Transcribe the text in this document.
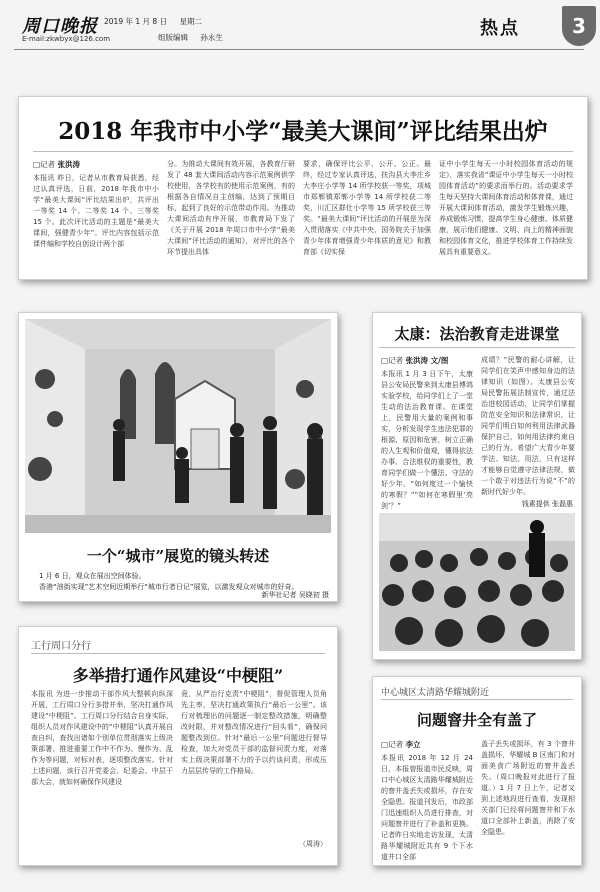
周口晚报
E-mail:zkwbyx@126.com
2019 年 1 月 8 日 星期二
组版编辑 孙永生	热点	3
2018 年我市中小学“最美大课间”评比结果出炉
□记者 张洪涛
本报讯 昨日，记者从市教育局获悉，经过认真评选，日前，2018 年我市中小学“最美大课间”评比结果出炉，共评出一等奖 14 个、二等奖 14 个、三等奖 15 个。此次评比活动的主题是“最美大课间，强健青少年”。评比内容包括示范课件编和学校自创设计两个部
分。为推动大课间有效开展，各教育厅研发了 48 套大课间活动内容示范案例供学校使用，各学校有的使用示范案例，有的根据各自情况自主创编，达到了预期目标，起到了良好的示范带动作用。为推动大课间活动有序开展，市教育局下发了《关于开展 2018 年周口市中小学“最美大课间”评比活动的通知》，对评比的各个环节提出具体
要求，确保评比公平、公开、公正。最终，经过专家认真评选，扶沟县大李庄乡大李庄小学等 14 所学校获一等奖，项城市郑郸镇郑郸小学等 14 所学校获二等奖，川汇区群仕小学等 15 所学校获三等奖。“最美大课间”评比活动的开展是为深入贯彻落实《中共中央、国务院关于加强青少年体育增强青少年体质的意见》和教育部《切实保
证中小学生每天一小时校园体育活动的规定》，落实我省“课证中小学生每天一小时校园体育活动”的要求而举行的。活动要求学生每天坚持大课间体育活动和体育课，通过开展大课间体育活动，激发学生锻炼兴趣，养成锻炼习惯，提高学生身心健康、体质健康，展示他们健康、文明、向上的精神面貌和校园体育文化，推进学校体育工作持续发展具有重要意义。
一个“城市”展览的镜头转述
1 月 6 日，观众在展出空间体验。
香港“油街实现”艺术空间近期举行“城市行者日记”展览，以激发观众对城市的好奇。
新华社记者 吴晓初 摄
太康：法治教育走进课堂
□记者 张洪涛 文/图
本报讯 1 月 3 日下午，太康县公安局民警来到太康县博鸿实验学校，给同学们上了一堂生动的法治教育课。在课堂上，民警用大量的案例和事实，分析发现学生违法犯罪的根源、原因和危害，树立正确的人生观和价值观，懂得依法办事、合法维权的重要性，教育同学们做一个懂法、守法的好少年。“如何度过一个愉快的寒假？”“如何在寒假里‘亮剑’？”
成绩？”民警的耐心讲解，让同学们在笑声中感知身边的法律知识（如图）。太康县公安局民警拓展法制宣传，通过法治进校园活动，让同学们掌握防范安全知识和法律常识，让同学们明白如何利用法律武器保护自己，如何用法律约束自己的行为。希望广大青少年要学法、知法、用法，只有这样才能够自觉遵守法律法规，做一个敢于对违法行为说“不”的新时代好少年。
钱素提供 张磊惠
工行周口分行
多举措打通作风建设“中梗阻”
本报讯 为进一步推动干部作风大整顿向纵深开展，工行周口分行多措并举，坚决打通作风建设“中梗阻”。工行周口分行结合自身实际，组织人员对作风建设中的“中梗阻”认真开展自查自纠，查找出诸如个别单位贯彻落实上级决策部署、推进重要工作中不作为、慢作为、乱作为等问题，对标对表，逐项整改落实。针对上述问题，该行召开党委会、纪委会、中层干部大会，就如何确保作风建设
竟，从严治行克责“中梗阻”，督促管理人员角先主率，坚决打通政策执行“最后一公里”。该行对梳理出的问题逐一制定整改措施，明确整改时限，并对整改情况进行“回头看”，确保问题整改到位。针对“最后一公里”问题进行督导检查，加大对党员干部的监督问责力度，对落实上级决策部署不力的予以约谈问责，形成压力层层传导的工作格局。
（周涛）
中心城区太清路华耀城附近
问题窨井全有盖了
□记者 李立
本报讯 2018 年 12 月 24 日，本报曾报道市民反映，周口中心城区太清路华耀城附近的窨井盖丢失或损坏，存在安全隐患。报道刊发后，市政部门迅速组织人员进行排查，对问题窨井进行了补盖和更换。记者昨日实地走访发现，太清路华耀城附近共有 9 个下水道井口全部
盖子丢失或损坏，有 3 个窨井盖损坏，华耀城 B 区南门和对面美食广场附近的窨井盖丢失。（周口晚报对此进行了报道。）1 月 7 日上午，记者又到上述地段进行查看，发现相关部门已经将问题窨井和下水道口全部补上新盖，消除了安全隐患。
